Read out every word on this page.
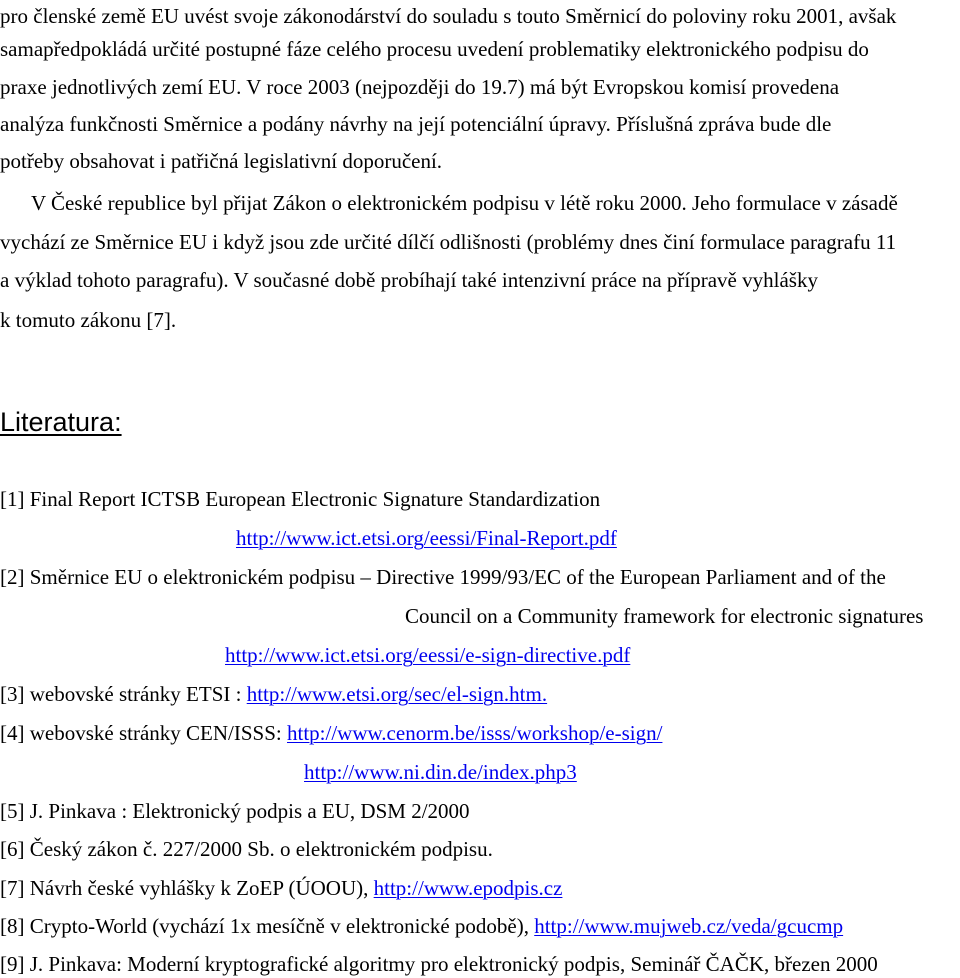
pro členské země EU uvést svoje zákonodárství do souladu s touto Směrnicí do poloviny roku 2001, avšak
samapředpokládá určité postupné fáze celého procesu uvedení problematiky elektronického podpisu do
praxe jednotlivých zemí EU. V roce 2003 (nejpozději do 19.7) má být Evropskou komisí provedena
analýza funkčnosti Směrnice a podány návrhy na její potenciální úpravy. Příslušná zpráva bude dle
potřeby obsahovat i patřičná legislativní doporučení.
V České republice byl přijat Zákon o elektronickém podpisu v létě roku 2000. Jeho formulace v zásadě
vychází ze Směrnice EU i když jsou zde určité dílčí odlišnosti (problémy dnes činí formulace paragrafu 11
a výklad tohoto paragrafu). V současné době probíhají také intenzivní práce na přípravě vyhlášky
k tomuto zákonu [7].
Literatura:
[1] Final Report ICTSB European Electronic Signature Standardization
http://www.ict.etsi.org/eessi/Final-Report.pdf
[2] Směrnice EU o elektronickém podpisu – Directive 1999/93/EC of the European Parliament and of the
Council on a Community framework for electronic signatures
http://www.ict.etsi.org/eessi/e-sign-directive.pdf
[3] webovské stránky ETSI : http://www.etsi.org/sec/el-sign.htm.
[4] webovské stránky CEN/ISSS: http://www.cenorm.be/isss/workshop/e-sign/
http://www.ni.din.de/index.php3
[5] J. Pinkava : Elektronický podpis a EU, DSM 2/2000
[6] Český zákon č. 227/2000 Sb. o elektronickém podpisu.
[7] Návrh české vyhlášky k ZoEP (ÚOOU), http://www.epodpis.cz
[8] Crypto-World (vychází 1x mesíčně v elektronické podobě), http://www.mujweb.cz/veda/gcucmp
[9] J. Pinkava: Moderní kryptografické algoritmy pro elektronický podpis, Seminář ČAČK, březen 2000
